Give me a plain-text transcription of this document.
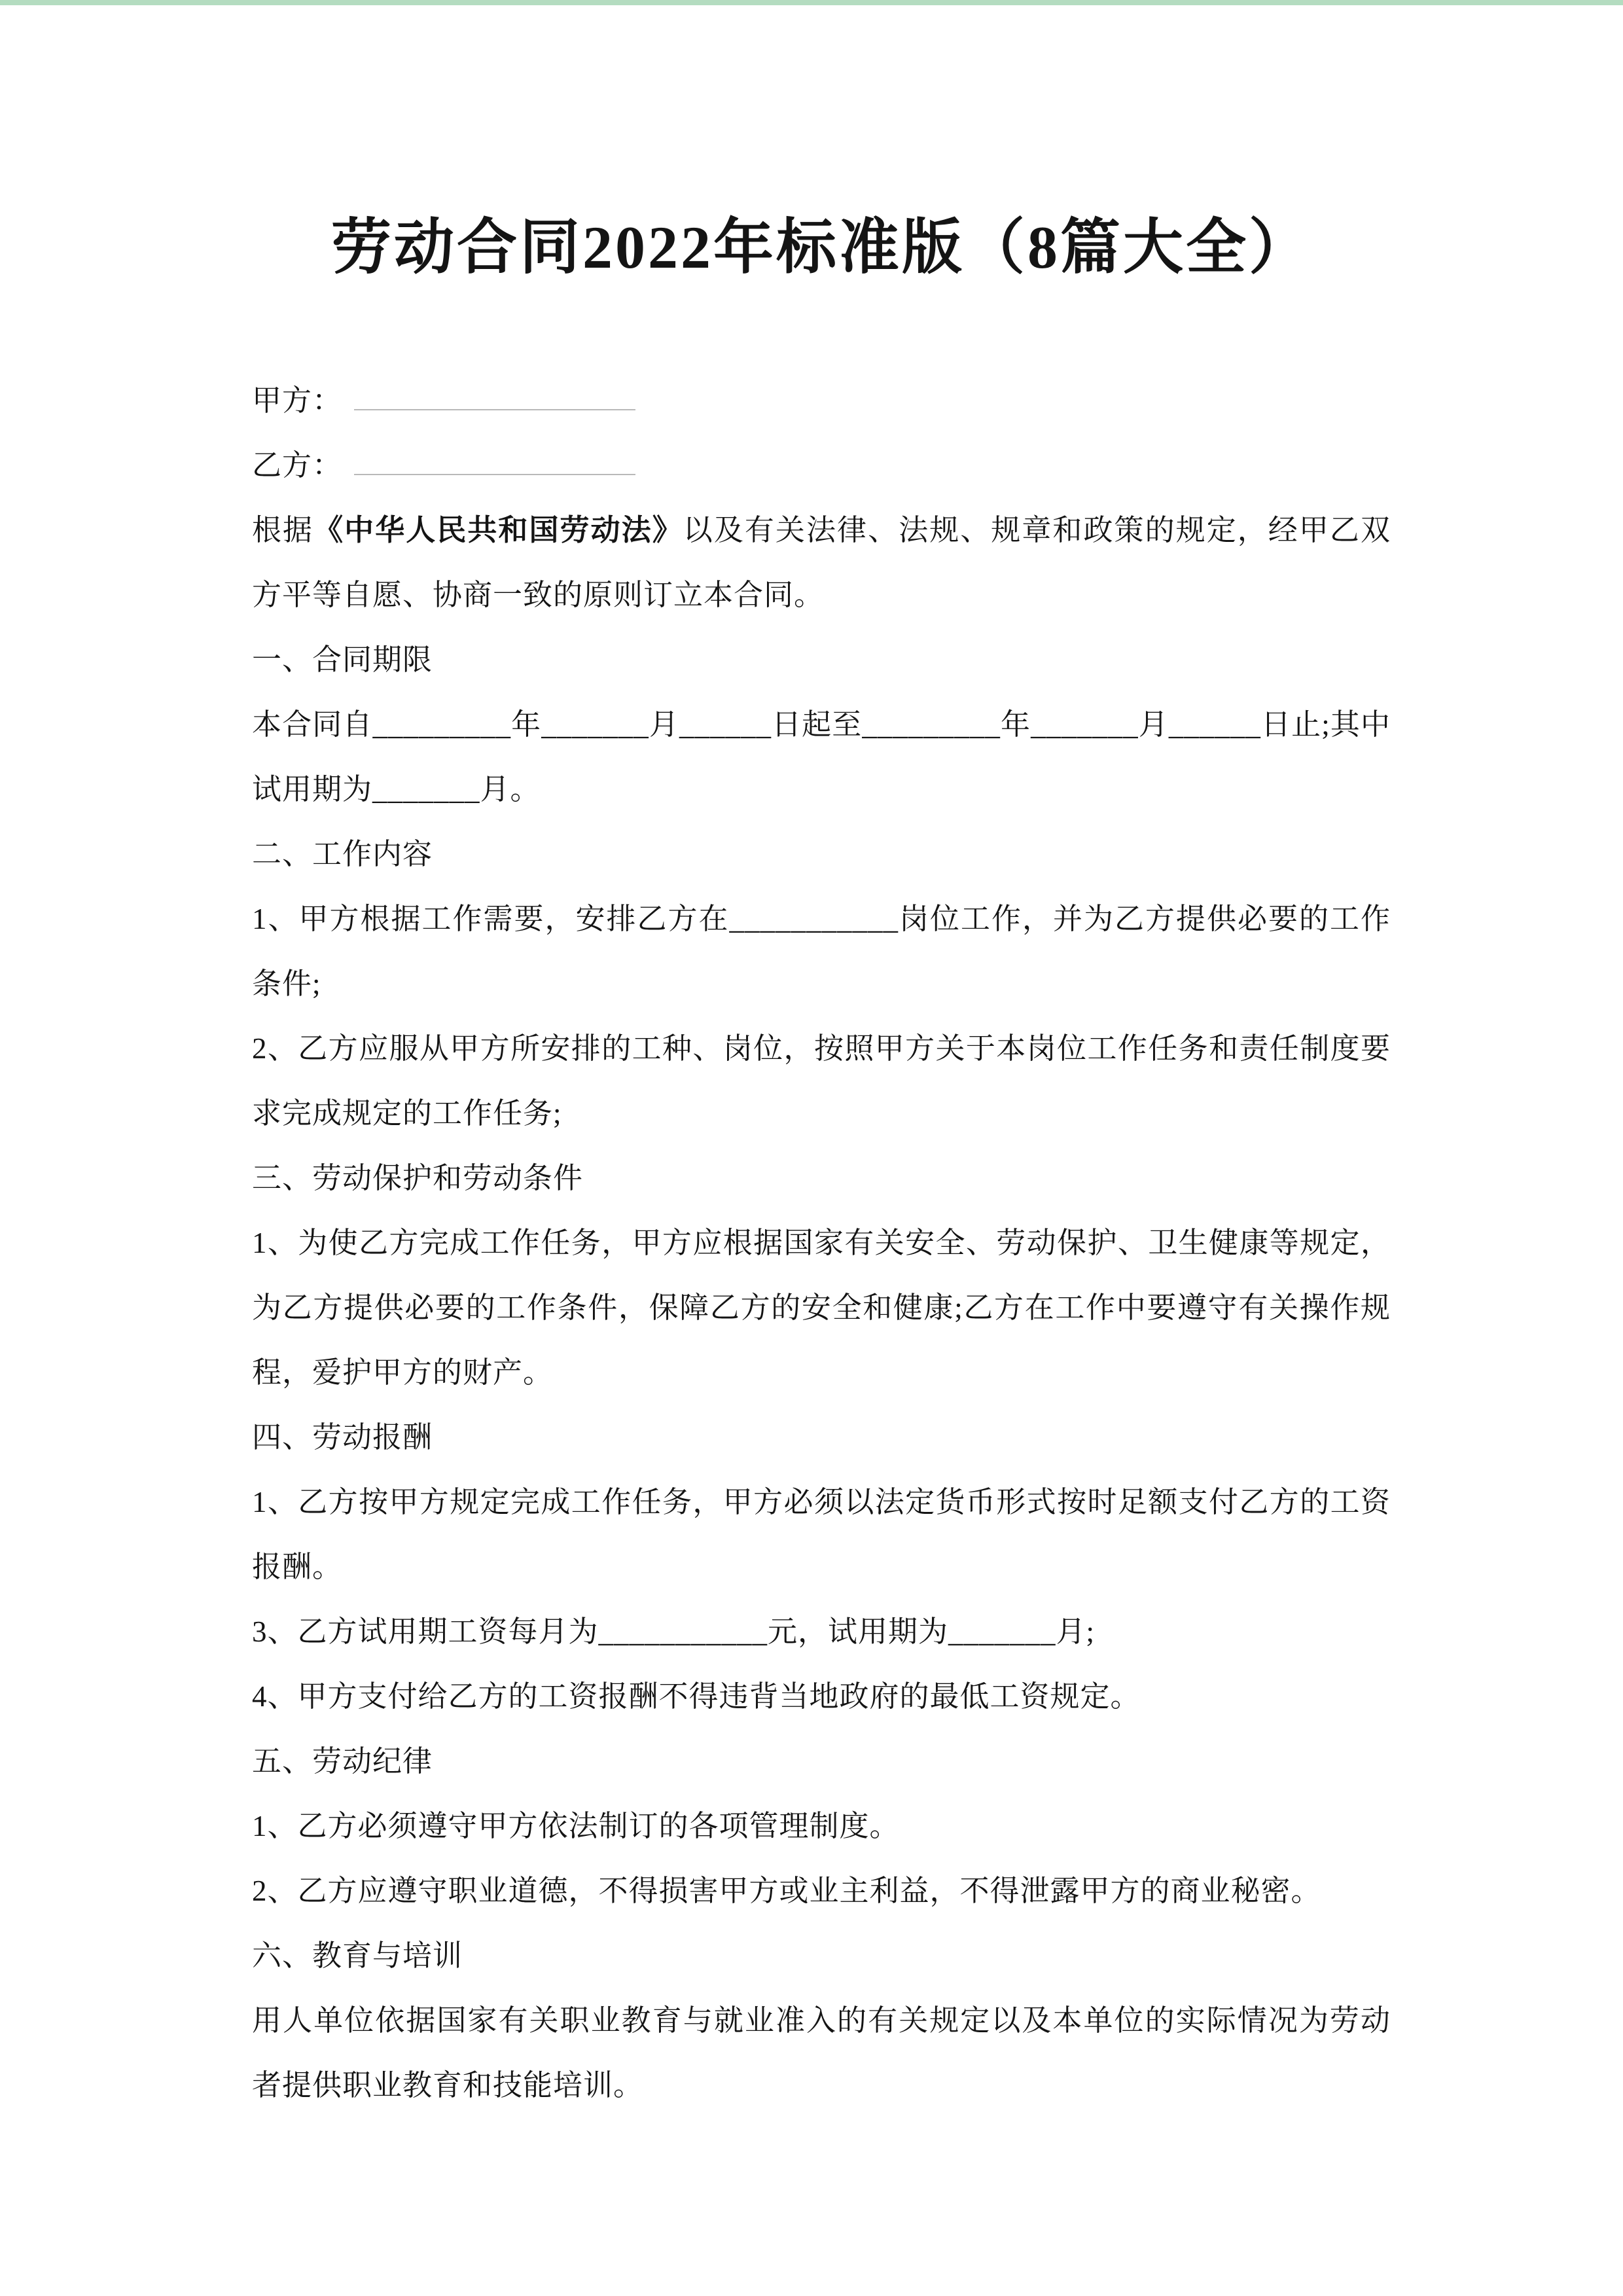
劳动合同2022年标准版（8篇大全）

甲方：

乙方：

根据《中华人民共和国劳动法》以及有关法律、法规、规章和政策的规定，经甲乙双方平等自愿、协商一致的原则订立本合同。

一、合同期限

本合同自_________年_______月______日起至_________年_______月______日止;其中试用期为_______月。

二、工作内容

1、甲方根据工作需要，安排乙方在___________岗位工作，并为乙方提供必要的工作条件;

2、乙方应服从甲方所安排的工种、岗位，按照甲方关于本岗位工作任务和责任制度要求完成规定的工作任务;

三、劳动保护和劳动条件

1、为使乙方完成工作任务，甲方应根据国家有关安全、劳动保护、卫生健康等规定，为乙方提供必要的工作条件，保障乙方的安全和健康;乙方在工作中要遵守有关操作规程，爱护甲方的财产。

四、劳动报酬

1、乙方按甲方规定完成工作任务，甲方必须以法定货币形式按时足额支付乙方的工资报酬。

3、乙方试用期工资每月为___________元，试用期为_______月;

4、甲方支付给乙方的工资报酬不得违背当地政府的最低工资规定。

五、劳动纪律

1、乙方必须遵守甲方依法制订的各项管理制度。

2、乙方应遵守职业道德，不得损害甲方或业主利益，不得泄露甲方的商业秘密。

六、教育与培训

用人单位依据国家有关职业教育与就业准入的有关规定以及本单位的实际情况为劳动者提供职业教育和技能培训。
